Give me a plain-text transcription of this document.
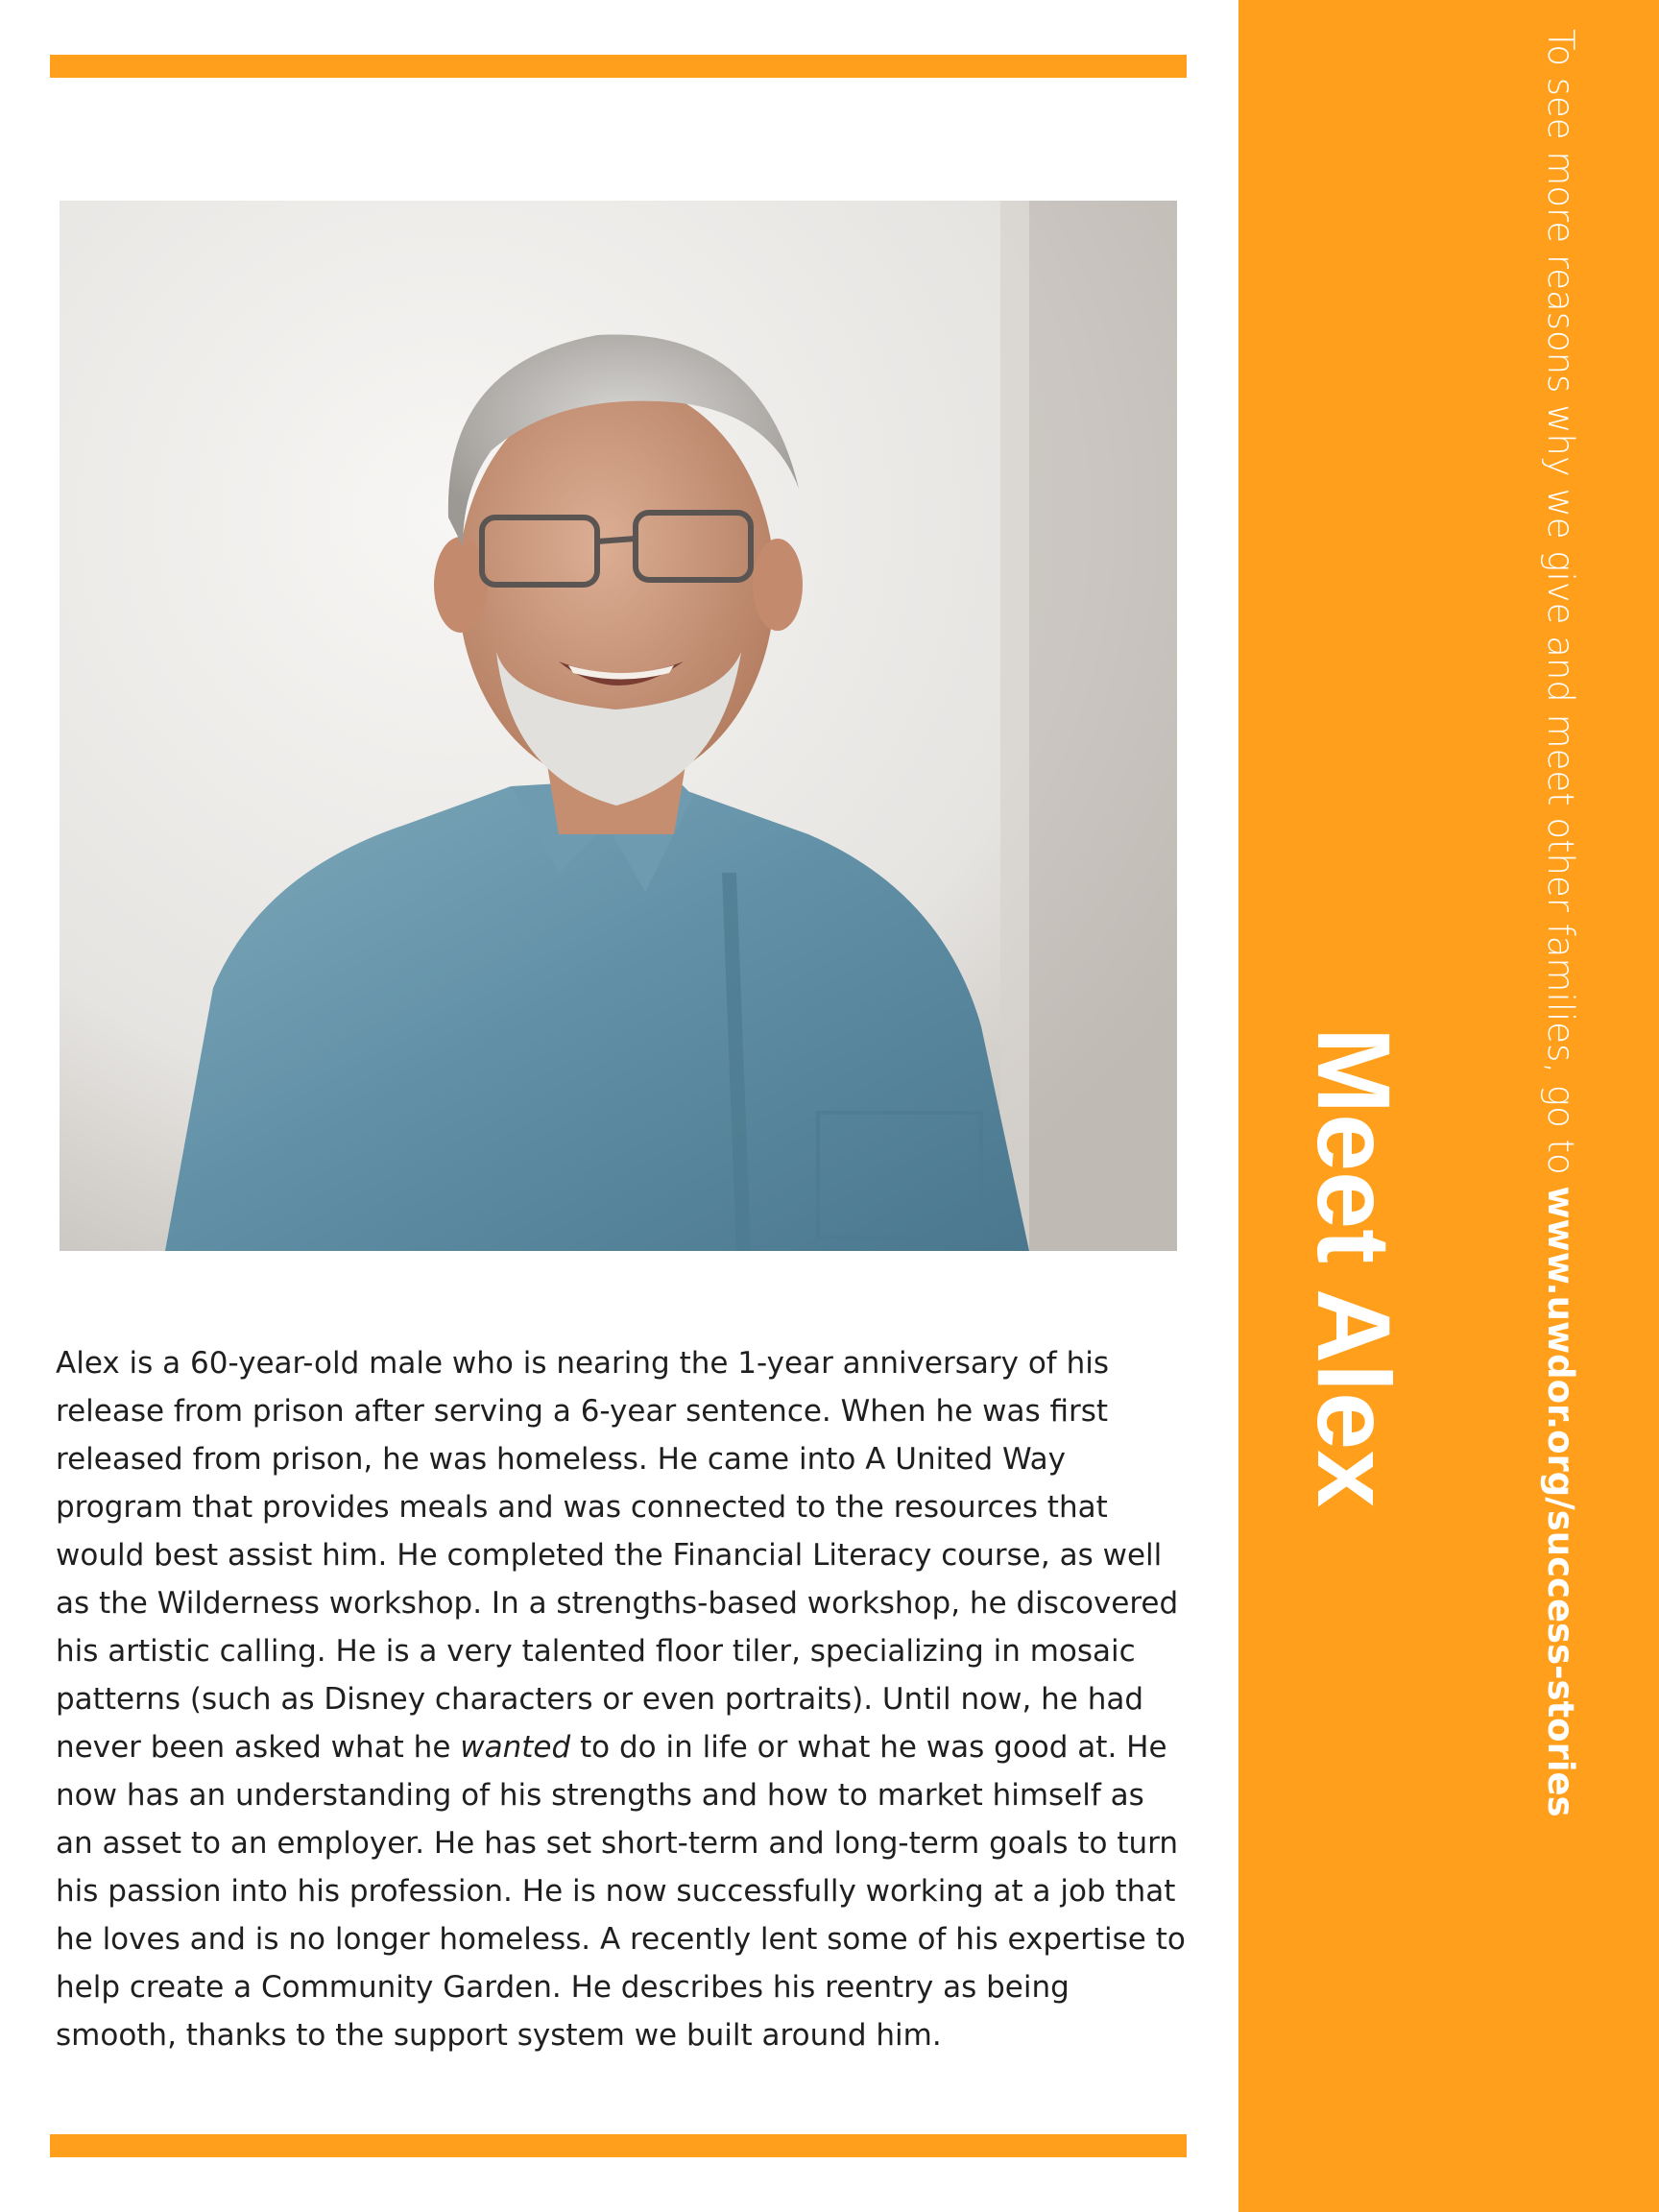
Alex is a 60-year-old male who is nearing the 1-year anniversary of his release from prison after serving a 6-year sentence. When he was first released from prison, he was homeless. He came into A United Way program that provides meals and was connected to the resources that would best assist him. He completed the Financial Literacy course, as well as the Wilderness workshop. In a strengths-based workshop, he discovered his artistic calling. He is a very talented floor tiler, specializing in mosaic patterns (such as Disney characters or even portraits). Until now, he had never been asked what he wanted to do in life or what he was good at. He now has an understanding of his strengths and how to market himself as an asset to an employer. He has set short-term and long-term goals to turn his passion into his profession. He is now successfully working at a job that he loves and is no longer homeless. A recently lent some of his expertise to help create a Community Garden. He describes his reentry as being smooth, thanks to the support system we built around him.

Meet Alex
To see more reasons why we give and meet other families, go to www.uwdor.org/success-stories
